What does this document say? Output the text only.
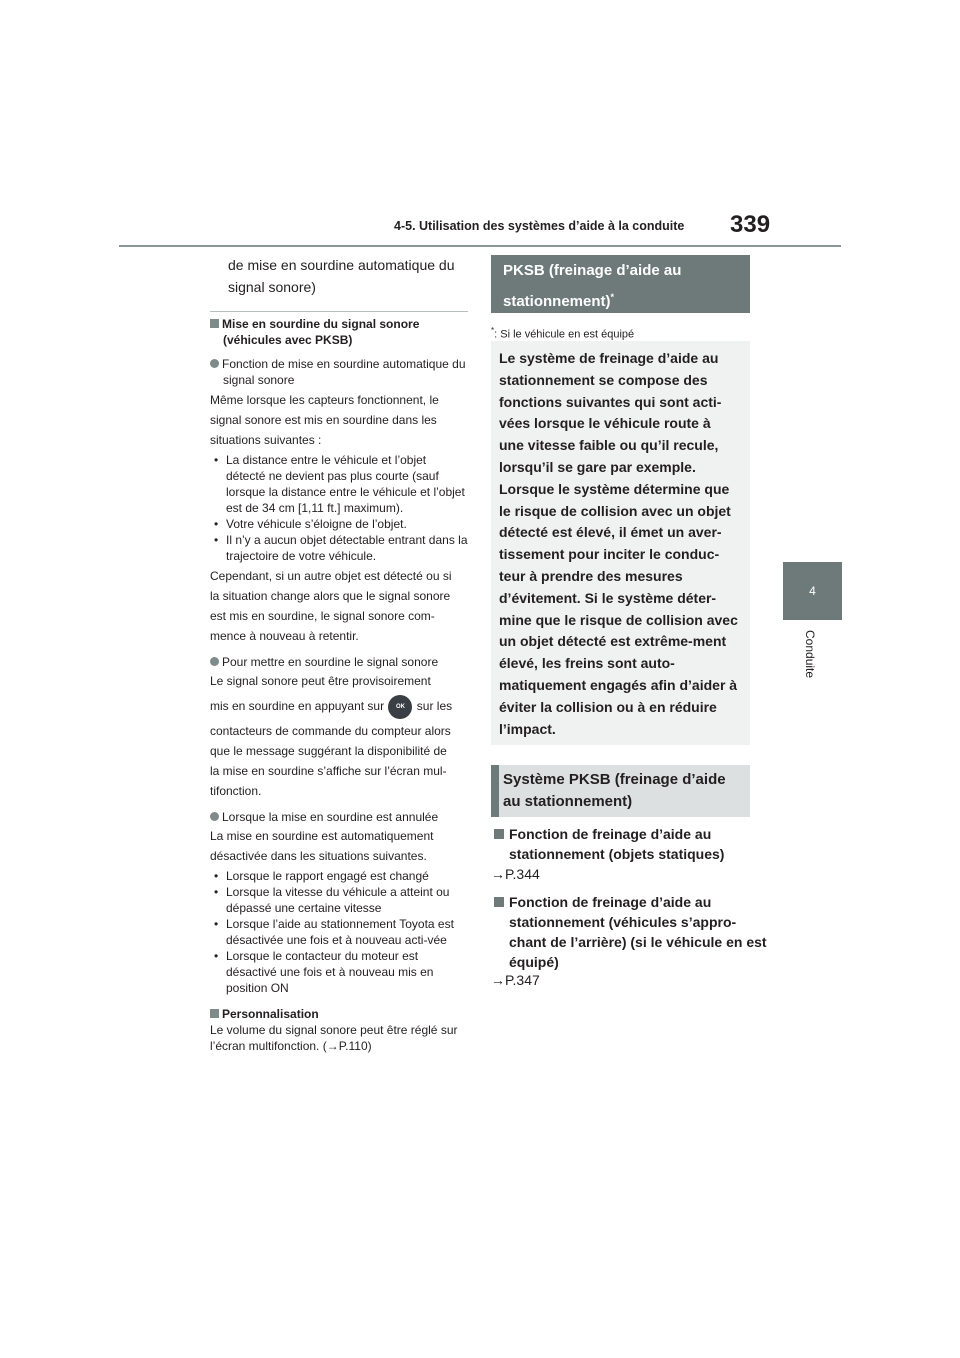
4-5. Utilisation des systèmes d’aide à la conduite 339
4
Conduite
de mise en sourdine automatique du
signal sonore)
Mise en sourdine du signal sonore (véhicules avec PKSB)
Fonction de mise en sourdine automatique du signal sonore
Même lorsque les capteurs fonctionnent, le
signal sonore est mis en sourdine dans les
situations suivantes :
• La distance entre le véhicule et l’objet détecté ne devient pas plus courte (sauf lorsque la distance entre le véhicule et l’objet est de 34 cm [1,11 ft.] maximum).
• Votre véhicule s’éloigne de l’objet.
• Il n’y a aucun objet détectable entrant dans la trajectoire de votre véhicule.
Cependant, si un autre objet est détecté ou si
la situation change alors que le signal sonore
est mis en sourdine, le signal sonore com-
mence à nouveau à retentir.
Pour mettre en sourdine le signal sonore
Le signal sonore peut être provisoirement
mis en sourdine en appuyant sur OK sur les
contacteurs de commande du compteur alors
que le message suggérant la disponibilité de
la mise en sourdine s’affiche sur l’écran mul-
tifonction.
Lorsque la mise en sourdine est annulée
La mise en sourdine est automatiquement
désactivée dans les situations suivantes.
• Lorsque le rapport engagé est changé
• Lorsque la vitesse du véhicule a atteint ou dépassé une certaine vitesse
• Lorsque l’aide au stationnement Toyota est désactivée une fois et à nouveau acti-vée
• Lorsque le contacteur du moteur est désactivé une fois et à nouveau mis en position ON
Personnalisation
Le volume du signal sonore peut être réglé sur l’écran multifonction. (→P.110)
PKSB (freinage d’aide au
stationnement)*
*: Si le véhicule en est équipé
Le système de freinage d’aide au stationnement se compose des fonctions suivantes qui sont acti-vées lorsque le véhicule route à une vitesse faible ou qu’il recule, lorsqu’il se gare par exemple. Lorsque le système détermine que le risque de collision avec un objet détecté est élevé, il émet un aver-tissement pour inciter le conduc-teur à prendre des mesures d’évitement. Si le système déter-mine que le risque de collision avec un objet détecté est extrême-ment élevé, les freins sont auto-matiquement engagés afin d’aider à éviter la collision ou à en réduire l’impact.
Système PKSB (freinage d’aide au stationnement)
Fonction de freinage d’aide au stationnement (objets statiques)
→P.344
Fonction de freinage d’aide au stationnement (véhicules s’appro-chant de l’arrière) (si le véhicule en est équipé)
→P.347
